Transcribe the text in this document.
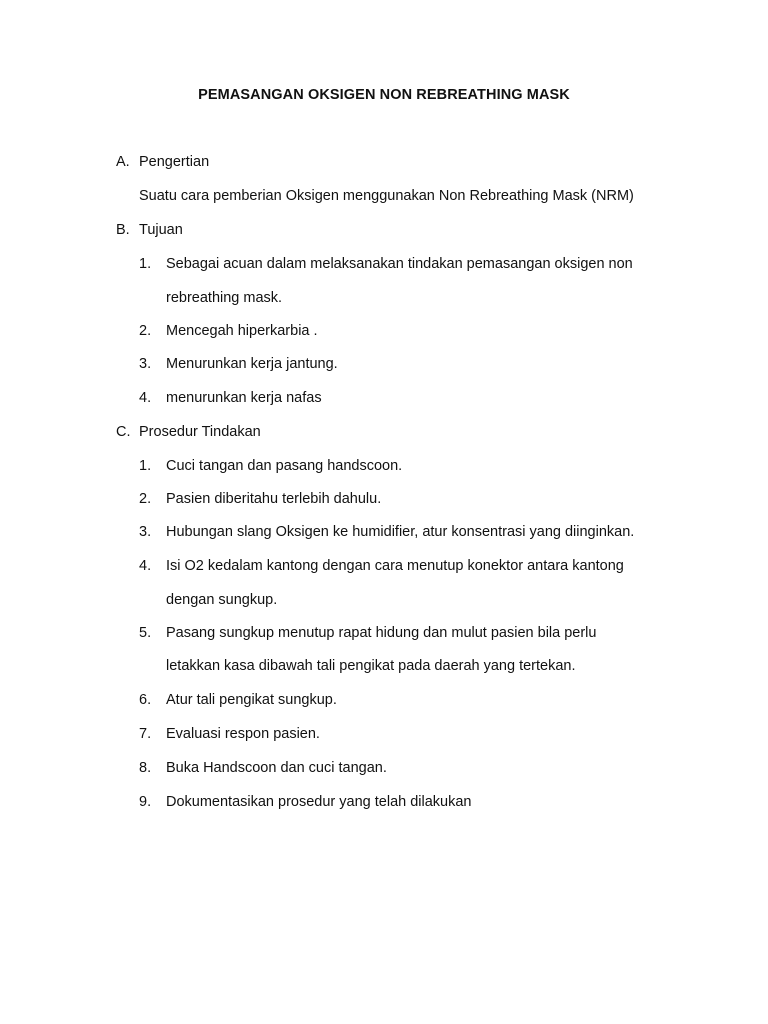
PEMASANGAN OKSIGEN NON REBREATHING MASK
A. Pengertian
Suatu cara pemberian Oksigen menggunakan Non Rebreathing Mask (NRM)
B. Tujuan
1. Sebagai acuan dalam melaksanakan tindakan pemasangan oksigen non
rebreathing mask.
2. Mencegah hiperkarbia .
3. Menurunkan kerja jantung.
4. menurunkan kerja nafas
C. Prosedur Tindakan
1. Cuci tangan dan pasang handscoon.
2. Pasien diberitahu terlebih dahulu.
3. Hubungan slang Oksigen ke humidifier, atur konsentrasi yang diinginkan.
4. Isi O2 kedalam kantong dengan cara menutup konektor antara kantong
dengan sungkup.
5. Pasang sungkup menutup rapat hidung dan mulut pasien bila perlu
letakkan kasa dibawah tali pengikat pada daerah yang tertekan.
6. Atur tali pengikat sungkup.
7. Evaluasi respon pasien.
8. Buka Handscoon dan cuci tangan.
9. Dokumentasikan prosedur yang telah dilakukan
